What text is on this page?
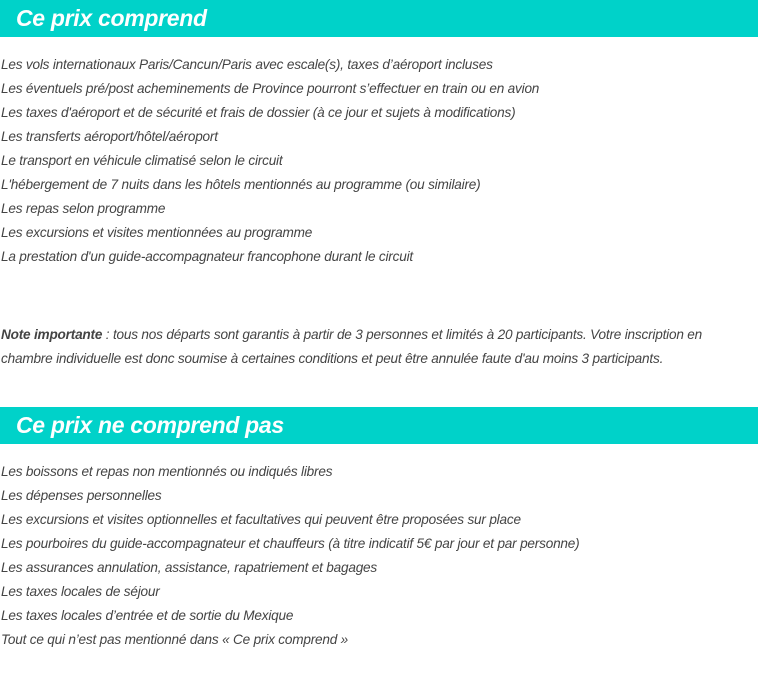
Ce prix comprend
Les vols internationaux Paris/Cancun/Paris avec escale(s), taxes d’aéroport incluses
Les éventuels pré/post acheminements de Province pourront s’effectuer en train ou en avion
Les taxes d'aéroport et de sécurité et frais de dossier (à ce jour et sujets à modifications)
Les transferts aéroport/hôtel/aéroport
Le transport en véhicule climatisé selon le circuit
L'hébergement de 7 nuits dans les hôtels mentionnés au programme (ou similaire)
Les repas selon programme
Les excursions et visites mentionnées au programme
La prestation d'un guide-accompagnateur francophone durant le circuit

Note importante : tous nos départs sont garantis à partir de 3 personnes et limités à 20 participants. Votre inscription en chambre individuelle est donc soumise à certaines conditions et peut être annulée faute d'au moins 3 participants.

Ce prix ne comprend pas
Les boissons et repas non mentionnés ou indiqués libres
Les dépenses personnelles
Les excursions et visites optionnelles et facultatives qui peuvent être proposées sur place
Les pourboires du guide-accompagnateur et chauffeurs (à titre indicatif 5€ par jour et par personne)
Les assurances annulation, assistance, rapatriement et bagages
Les taxes locales de séjour
Les taxes locales d’entrée et de sortie du Mexique
Tout ce qui n’est pas mentionné dans « Ce prix comprend »
